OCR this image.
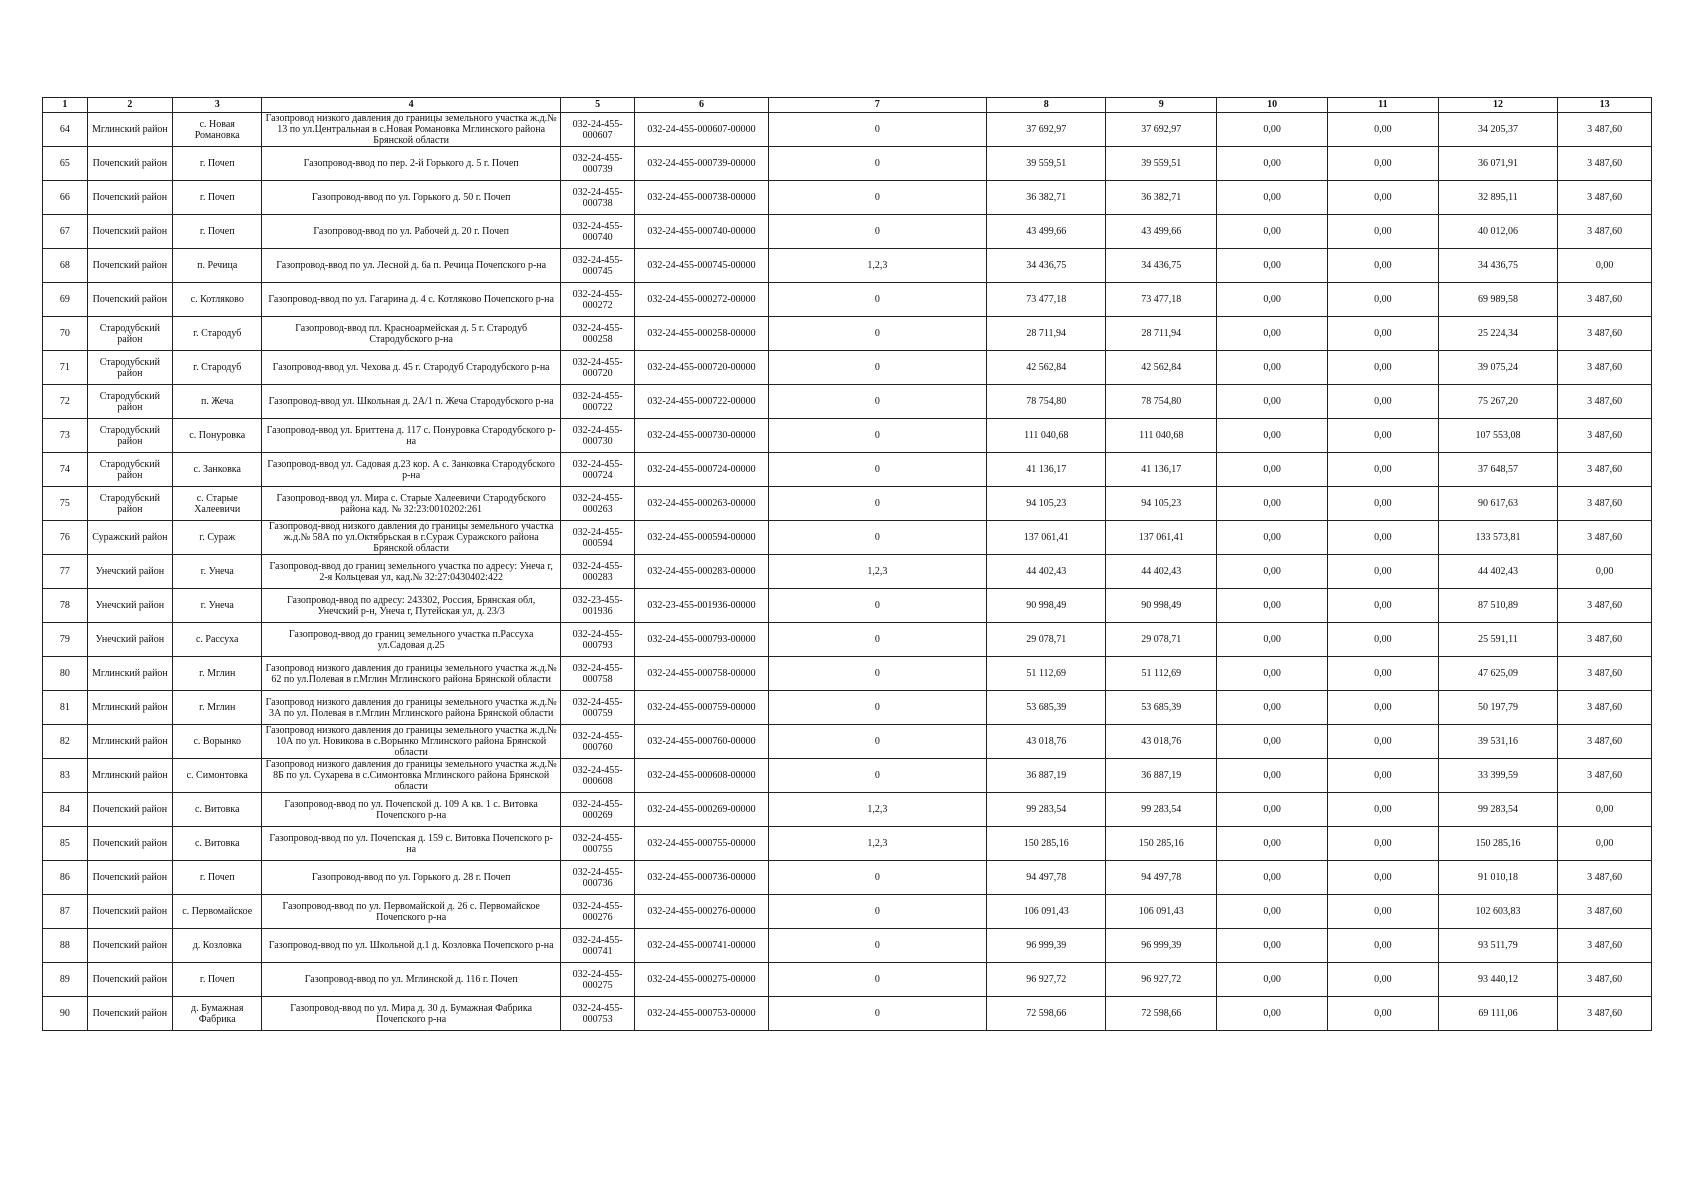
1	2	3	4	5	6	7	8	9	10	11	12	13
64	Мглинский район	с. Новая Романовка	Газопровод низкого давления до границы земельного участка ж.д.№ 13 по ул.Центральная в с.Новая Романовка Мглинского района Брянской области	032-24-455-000607	032-24-455-000607-00000	0	37 692,97	37 692,97	0,00	0,00	34 205,37	3 487,60
65	Почепский район	г. Почеп	Газопровод-ввод по пер. 2-й Горького д. 5 г. Почеп	032-24-455-000739	032-24-455-000739-00000	0	39 559,51	39 559,51	0,00	0,00	36 071,91	3 487,60
66	Почепский район	г. Почеп	Газопровод-ввод по ул. Горького д. 50 г. Почеп	032-24-455-000738	032-24-455-000738-00000	0	36 382,71	36 382,71	0,00	0,00	32 895,11	3 487,60
67	Почепский район	г. Почеп	Газопровод-ввод по ул. Рабочей д. 20 г. Почеп	032-24-455-000740	032-24-455-000740-00000	0	43 499,66	43 499,66	0,00	0,00	40 012,06	3 487,60
68	Почепский район	п. Речица	Газопровод-ввод по ул. Лесной д. 6а п. Речица Почепского р-на	032-24-455-000745	032-24-455-000745-00000	1,2,3	34 436,75	34 436,75	0,00	0,00	34 436,75	0,00
69	Почепский район	с. Котляково	Газопровод-ввод по ул. Гагарина д. 4 с. Котляково Почепского р-на	032-24-455-000272	032-24-455-000272-00000	0	73 477,18	73 477,18	0,00	0,00	69 989,58	3 487,60
70	Стародубский район	г. Стародуб	Газопровод-ввод пл. Красноармейская д. 5 г. Стародуб Стародубского р-на	032-24-455-000258	032-24-455-000258-00000	0	28 711,94	28 711,94	0,00	0,00	25 224,34	3 487,60
71	Стародубский район	г. Стародуб	Газопровод-ввод ул. Чехова д. 45 г. Стародуб Стародубского р-на	032-24-455-000720	032-24-455-000720-00000	0	42 562,84	42 562,84	0,00	0,00	39 075,24	3 487,60
72	Стародубский район	п. Жеча	Газопровод-ввод ул. Школьная д. 2А/1 п. Жеча Стародубского р-на	032-24-455-000722	032-24-455-000722-00000	0	78 754,80	78 754,80	0,00	0,00	75 267,20	3 487,60
73	Стародубский район	с. Понуровка	Газопровод-ввод ул. Бриттена д. 117 с. Понуровка Стародубского р-на	032-24-455-000730	032-24-455-000730-00000	0	111 040,68	111 040,68	0,00	0,00	107 553,08	3 487,60
74	Стародубский район	с. Занковка	Газопровод-ввод ул. Садовая д.23 кор. А с. Занковка Стародубского р-на	032-24-455-000724	032-24-455-000724-00000	0	41 136,17	41 136,17	0,00	0,00	37 648,57	3 487,60
75	Стародубский район	с. Старые Халеевичи	Газопровод-ввод ул. Мира с. Старые Халеевичи Стародубского района кад. № 32:23:0010202:261	032-24-455-000263	032-24-455-000263-00000	0	94 105,23	94 105,23	0,00	0,00	90 617,63	3 487,60
76	Суражский район	г. Сураж	Газопровод-ввод низкого давления до границы земельного участка ж.д.№ 58А по ул.Октябрьская в г.Сураж Суражского района Брянской области	032-24-455-000594	032-24-455-000594-00000	0	137 061,41	137 061,41	0,00	0,00	133 573,81	3 487,60
77	Унечский район	г. Унеча	Газопровод-ввод до границ земельного участка по адресу: Унеча г, 2-я Кольцевая ул, кад.№ 32:27:0430402:422	032-24-455-000283	032-24-455-000283-00000	1,2,3	44 402,43	44 402,43	0,00	0,00	44 402,43	0,00
78	Унечский район	г. Унеча	Газопровод-ввод по адресу: 243302, Россия, Брянская обл, Унечский р-н, Унеча г, Путейская ул, д. 23/3	032-23-455-001936	032-23-455-001936-00000	0	90 998,49	90 998,49	0,00	0,00	87 510,89	3 487,60
79	Унечский район	с. Рассуха	Газопровод-ввод до границ земельного участка п.Рассуха ул.Садовая д.25	032-24-455-000793	032-24-455-000793-00000	0	29 078,71	29 078,71	0,00	0,00	25 591,11	3 487,60
80	Мглинский район	г. Мглин	Газопровод низкого давления до границы земельного участка ж.д.№ 62 по ул.Полевая в г.Мглин Мглинского района Брянской области	032-24-455-000758	032-24-455-000758-00000	0	51 112,69	51 112,69	0,00	0,00	47 625,09	3 487,60
81	Мглинский район	г. Мглин	Газопровод низкого давления до границы земельного участка ж.д.№ 3А по ул. Полевая в г.Мглин Мглинского района Брянской области	032-24-455-000759	032-24-455-000759-00000	0	53 685,39	53 685,39	0,00	0,00	50 197,79	3 487,60
82	Мглинский район	с. Ворынко	Газопровод низкого давления до границы земельного участка ж.д.№ 10А по ул. Новикова в с.Ворынко Мглинского района Брянской области	032-24-455-000760	032-24-455-000760-00000	0	43 018,76	43 018,76	0,00	0,00	39 531,16	3 487,60
83	Мглинский район	с. Симонтовка	Газопровод низкого давления до границы земельного участка ж.д.№ 8Б по ул. Сухарева в с.Симонтовка Мглинского района Брянской области	032-24-455-000608	032-24-455-000608-00000	0	36 887,19	36 887,19	0,00	0,00	33 399,59	3 487,60
84	Почепский район	с. Витовка	Газопровод-ввод по ул. Почепской д. 109 А кв. 1 с. Витовка Почепского р-на	032-24-455-000269	032-24-455-000269-00000	1,2,3	99 283,54	99 283,54	0,00	0,00	99 283,54	0,00
85	Почепский район	с. Витовка	Газопровод-ввод по ул. Почепская д. 159 с. Витовка Почепского р-на	032-24-455-000755	032-24-455-000755-00000	1,2,3	150 285,16	150 285,16	0,00	0,00	150 285,16	0,00
86	Почепский район	г. Почеп	Газопровод-ввод по ул. Горького д. 28 г. Почеп	032-24-455-000736	032-24-455-000736-00000	0	94 497,78	94 497,78	0,00	0,00	91 010,18	3 487,60
87	Почепский район	с. Первомайское	Газопровод-ввод по ул. Первомайской д. 26 с. Первомайское Почепского р-на	032-24-455-000276	032-24-455-000276-00000	0	106 091,43	106 091,43	0,00	0,00	102 603,83	3 487,60
88	Почепский район	д. Козловка	Газопровод-ввод по ул. Школьной д.1 д. Козловка Почепского р-на	032-24-455-000741	032-24-455-000741-00000	0	96 999,39	96 999,39	0,00	0,00	93 511,79	3 487,60
89	Почепский район	г. Почеп	Газопровод-ввод по ул. Мглинской д. 116 г. Почеп	032-24-455-000275	032-24-455-000275-00000	0	96 927,72	96 927,72	0,00	0,00	93 440,12	3 487,60
90	Почепский район	д. Бумажная Фабрика	Газопровод-ввод по ул. Мира д. 30 д. Бумажная Фабрика Почепского р-на	032-24-455-000753	032-24-455-000753-00000	0	72 598,66	72 598,66	0,00	0,00	69 111,06	3 487,60
